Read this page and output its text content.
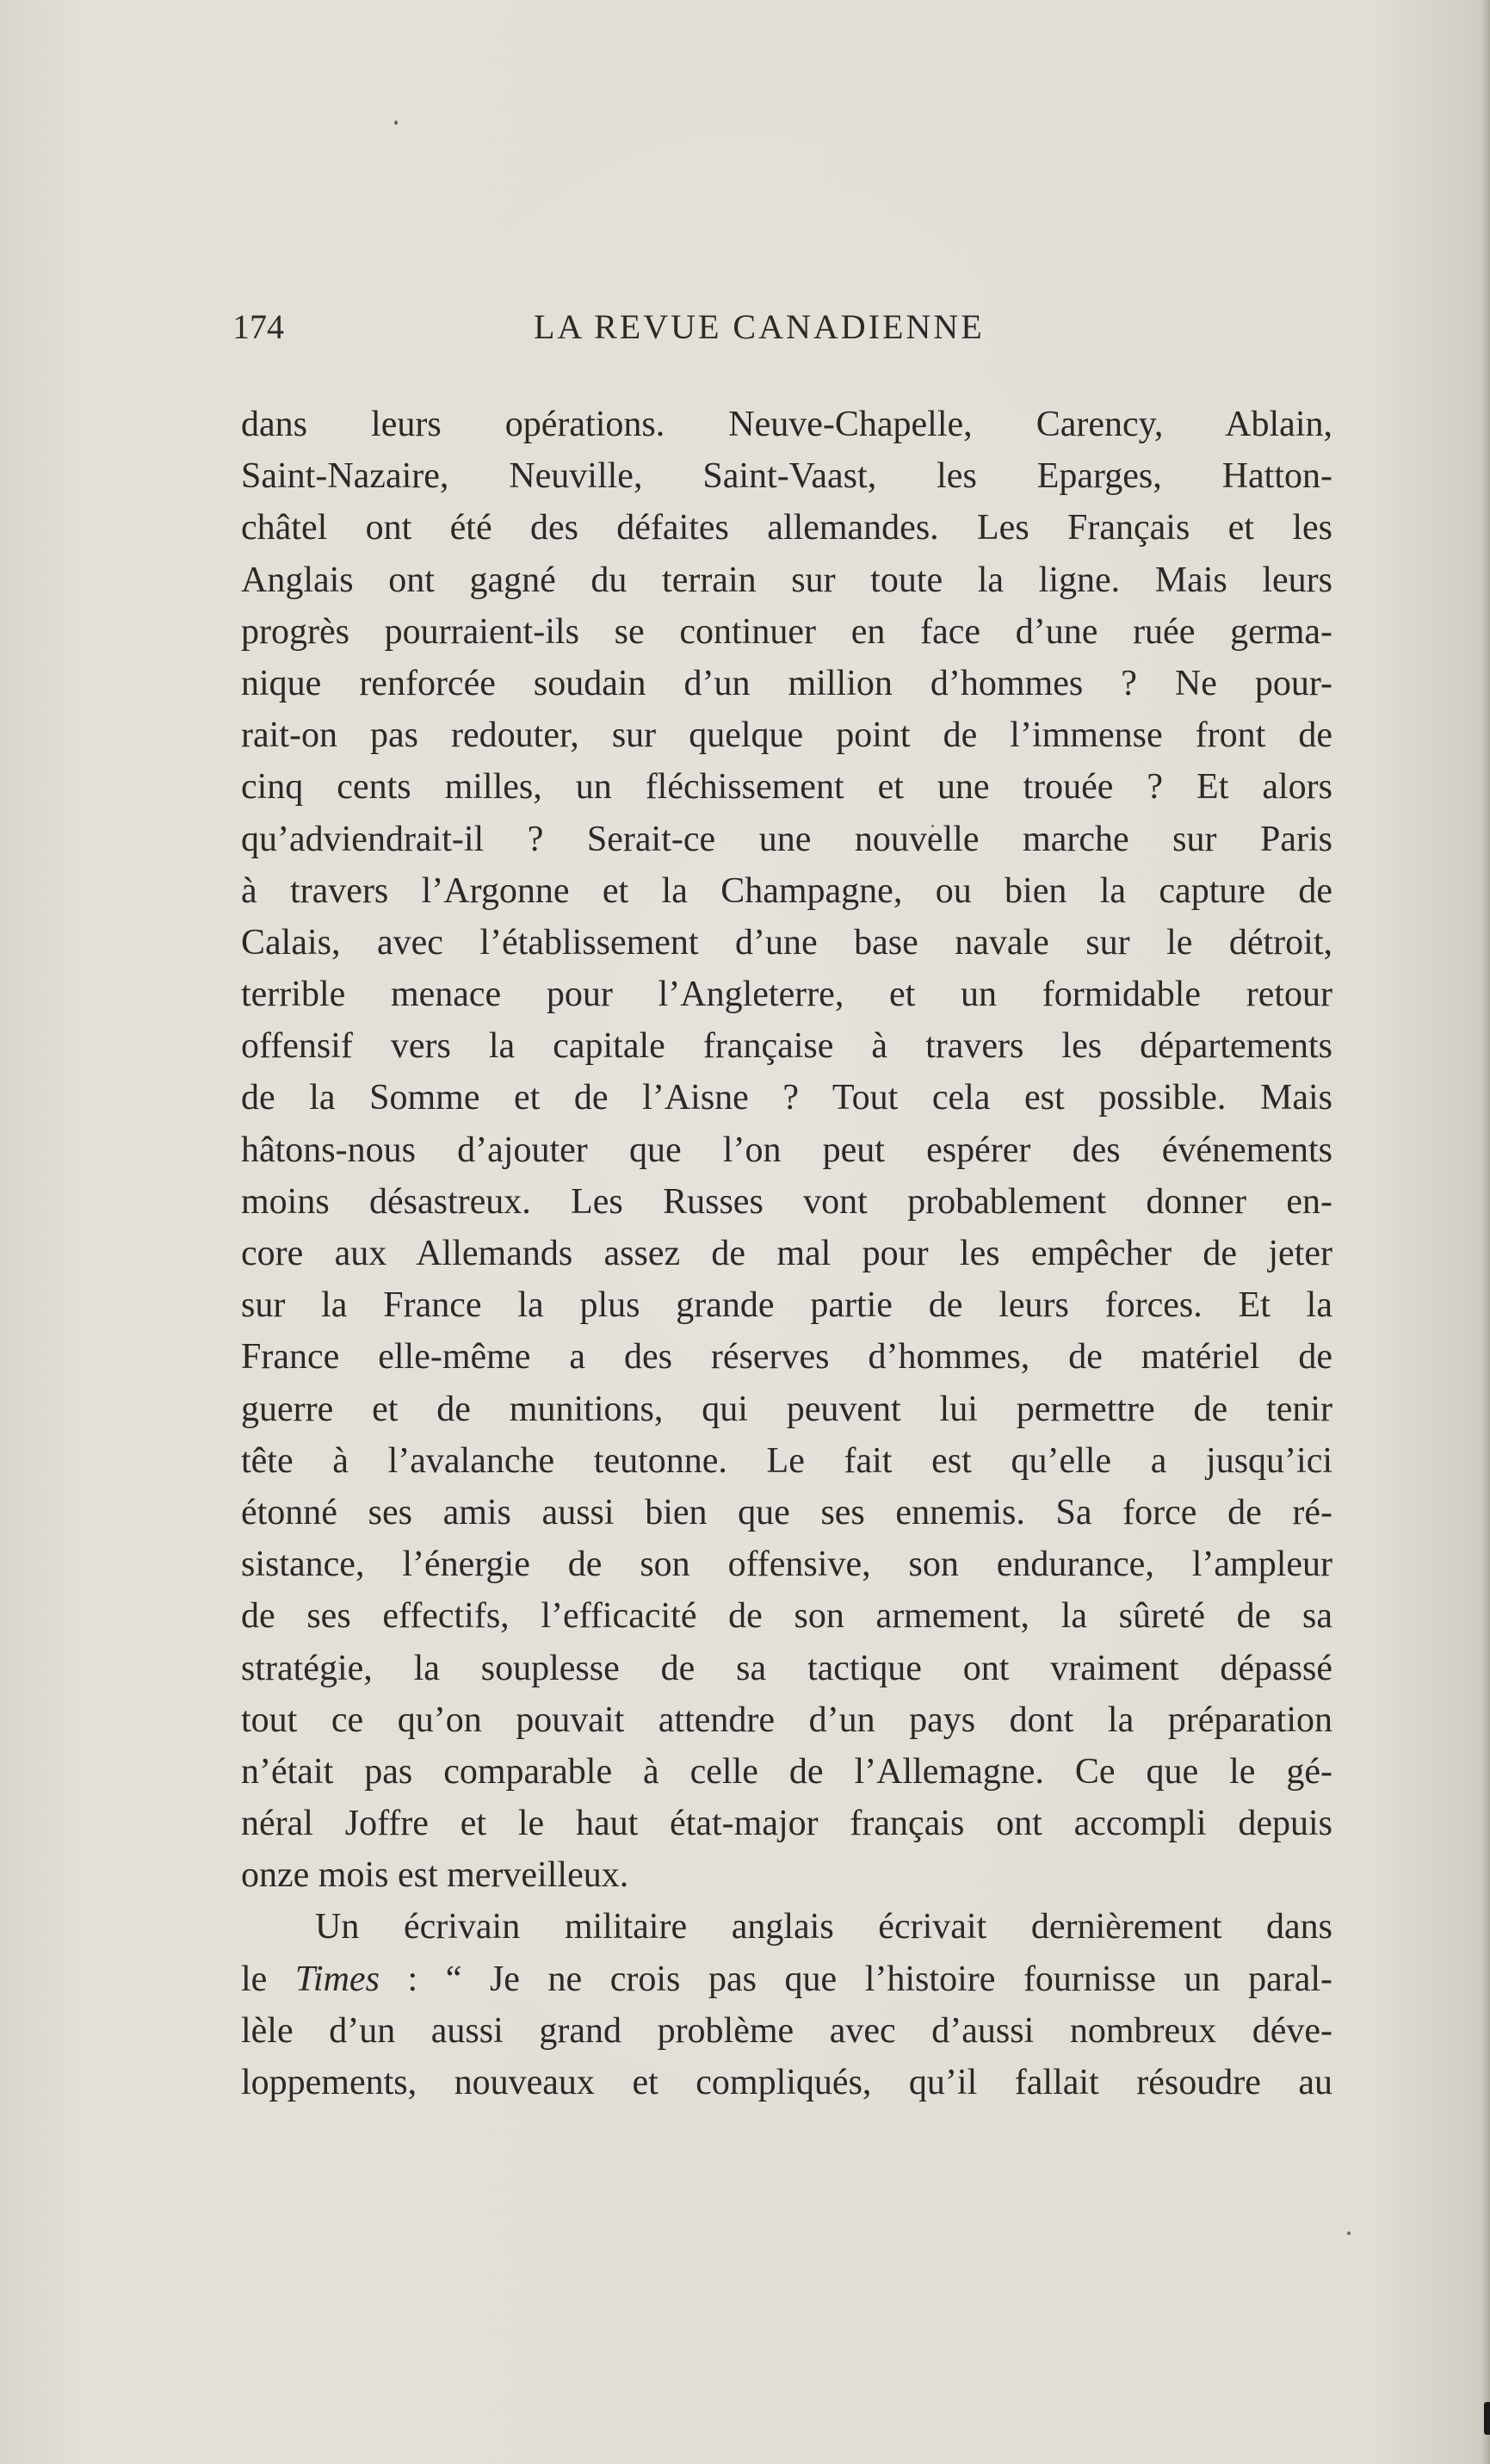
174	LA REVUE CANADIENNE
dans leurs opérations. Neuve-Chapelle, Carency, Ablain,
Saint-Nazaire, Neuville, Saint-Vaast, les Eparges, Hatton-
châtel ont été des défaites allemandes. Les Français et les
Anglais ont gagné du terrain sur toute la ligne. Mais leurs
progrès pourraient-ils se continuer en face d’une ruée germa-
nique renforcée soudain d’un million d’hommes ? Ne pour-
rait-on pas redouter, sur quelque point de l’immense front de
cinq cents milles, un fléchissement et une trouée ? Et alors
qu’adviendrait-il ? Serait-ce une nouvelle marche sur Paris
à travers l’Argonne et la Champagne, ou bien la capture de
Calais, avec l’établissement d’une base navale sur le détroit,
terrible menace pour l’Angleterre, et un formidable retour
offensif vers la capitale française à travers les départements
de la Somme et de l’Aisne ? Tout cela est possible. Mais
hâtons-nous d’ajouter que l’on peut espérer des événements
moins désastreux. Les Russes vont probablement donner en-
core aux Allemands assez de mal pour les empêcher de jeter
sur la France la plus grande partie de leurs forces. Et la
France elle-même a des réserves d’hommes, de matériel de
guerre et de munitions, qui peuvent lui permettre de tenir
tête à l’avalanche teutonne. Le fait est qu’elle a jusqu’ici
étonné ses amis aussi bien que ses ennemis. Sa force de ré-
sistance, l’énergie de son offensive, son endurance, l’ampleur
de ses effectifs, l’efficacité de son armement, la sûreté de sa
stratégie, la souplesse de sa tactique ont vraiment dépassé
tout ce qu’on pouvait attendre d’un pays dont la préparation
n’était pas comparable à celle de l’Allemagne. Ce que le gé-
néral Joffre et le haut état-major français ont accompli depuis
onze mois est merveilleux.
Un écrivain militaire anglais écrivait dernièrement dans
le Times : “ Je ne crois pas que l’histoire fournisse un paral-
lèle d’un aussi grand problème avec d’aussi nombreux déve-
loppements, nouveaux et compliqués, qu’il fallait résoudre au
